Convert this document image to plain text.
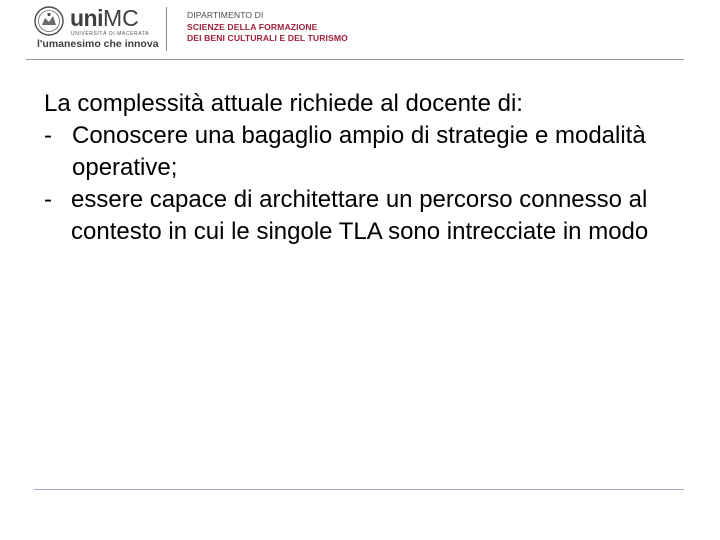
uniMC
UNIVERSITÀ DI MACERATA
l'umanesimo che innova
DIPARTIMENTO DI
SCIENZE DELLA FORMAZIONE
DEI BENI CULTURALI E DEL TURISMO

La complessità attuale richiede al docente di:

- Conoscere una bagaglio ampio di strategie e modalità operative;
- essere capace di architettare un percorso connesso al contesto in cui le singole TLA sono intrecciate in modo
